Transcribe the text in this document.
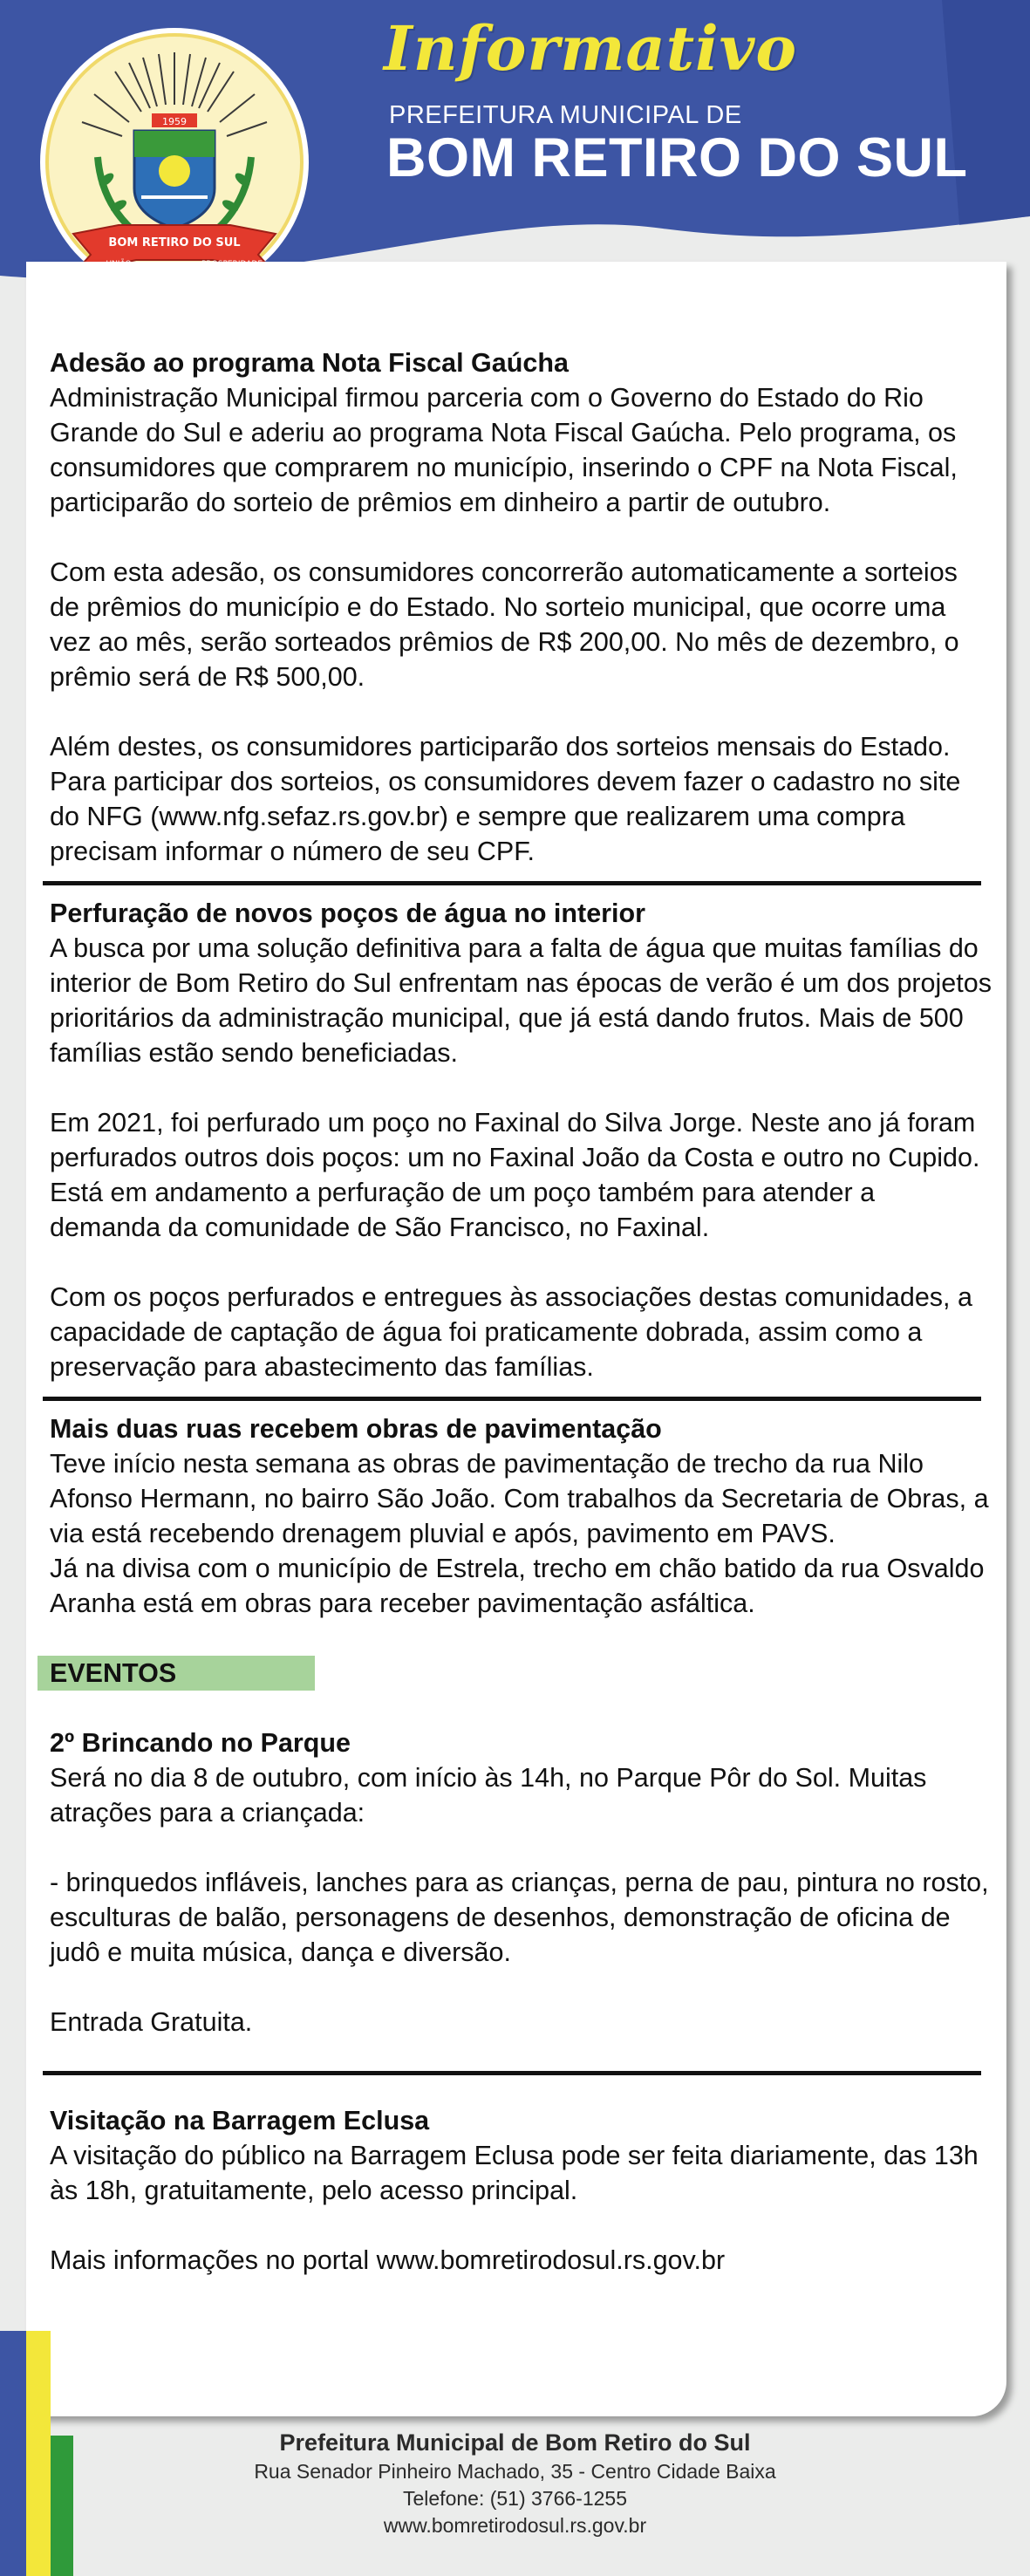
Informativo
PREFEITURA MUNICIPAL DE
BOM RETIRO DO SUL
1959
BOM RETIRO DO SUL
Adesão ao programa Nota Fiscal Gaúcha

Administração Municipal firmou parceria com o Governo do Estado do Rio Grande do Sul e aderiu ao programa Nota Fiscal Gaúcha. Pelo programa, os consumidores que comprarem no município, inserindo o CPF na Nota Fiscal, participarão do sorteio de prêmios em dinheiro a partir de outubro.

Com esta adesão, os consumidores concorrerão automaticamente a sorteios de prêmios do município e do Estado. No sorteio municipal, que ocorre uma vez ao mês, serão sorteados prêmios de R$ 200,00. No mês de dezembro, o prêmio será de R$ 500,00.

Além destes, os consumidores participarão dos sorteios mensais do Estado. Para participar dos sorteios, os consumidores devem fazer o cadastro no site do NFG (www.nfg.sefaz.rs.gov.br) e sempre que realizarem uma compra precisam informar o número de seu CPF.

Perfuração de novos poços de água no interior

A busca por uma solução definitiva para a falta de água que muitas famílias do interior de Bom Retiro do Sul enfrentam nas épocas de verão é um dos projetos prioritários da administração municipal, que já está dando frutos. Mais de 500 famílias estão sendo beneficiadas.

Em 2021, foi perfurado um poço no Faxinal do Silva Jorge. Neste ano já foram perfurados outros dois poços: um no Faxinal João da Costa e outro no Cupido. Está em andamento a perfuração de um poço também para atender a demanda da comunidade de São Francisco, no Faxinal.

Com os poços perfurados e entregues às associações destas comunidades, a capacidade de captação de água foi praticamente dobrada, assim como a preservação para abastecimento das famílias.

Mais duas ruas recebem obras de pavimentação

Teve início nesta semana as obras de pavimentação de trecho da rua Nilo Afonso Hermann, no bairro São João. Com trabalhos da Secretaria de Obras, a via está recebendo drenagem pluvial e após, pavimento em PAVS.

Já na divisa com o município de Estrela, trecho em chão batido da rua Osvaldo Aranha está em obras para receber pavimentação asfáltica.

EVENTOS
2º Brincando no Parque

Será no dia 8 de outubro, com início às 14h, no Parque Pôr do Sol. Muitas atrações para a criançada:

- brinquedos infláveis, lanches para as crianças, perna de pau, pintura no rosto, esculturas de balão, personagens de desenhos, demonstração de oficina de judô e muita música, dança e diversão.

Entrada Gratuita.

Visitação na Barragem Eclusa

A visitação do público na Barragem Eclusa pode ser feita diariamente, das 13h às 18h, gratuitamente, pelo acesso principal.

Mais informações no portal www.bomretirodosul.rs.gov.br

Prefeitura Municipal de Bom Retiro do Sul
Rua Senador Pinheiro Machado, 35 - Centro Cidade Baixa
Telefone: (51) 3766-1255
www.bomretirodosul.rs.gov.br
